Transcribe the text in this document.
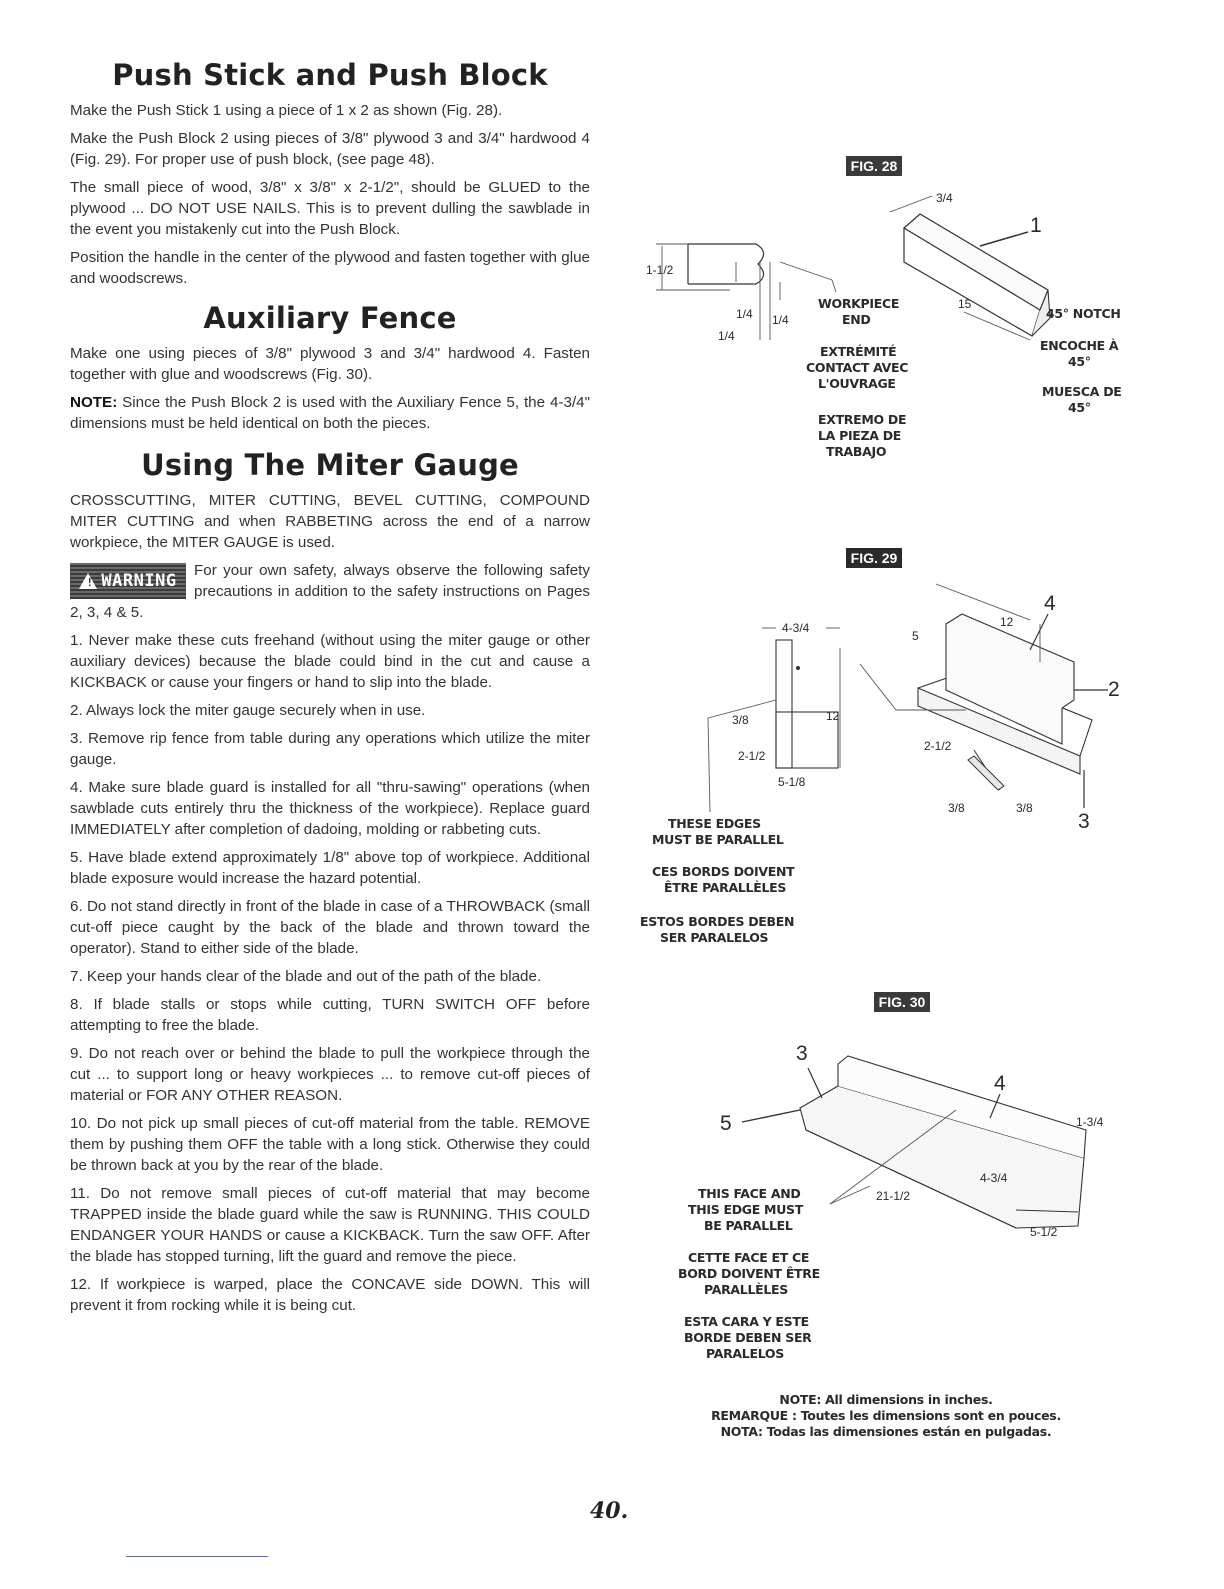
Push Stick and Push Block

Make the Push Stick 1 using a piece of 1 x 2 as shown (Fig. 28).

Make the Push Block 2 using pieces of 3/8" plywood 3 and 3/4" hardwood 4 (Fig. 29). For proper use of push block, (see page 48).

The small piece of wood, 3/8" x 3/8" x 2-1/2", should be GLUED to the plywood ... DO NOT USE NAILS. This is to prevent dulling the sawblade in the event you mistakenly cut into the Push Block.

Position the handle in the center of the plywood and fasten together with glue and woodscrews.

Auxiliary Fence

Make one using pieces of 3/8" plywood 3 and 3/4" hardwood 4. Fasten together with glue and woodscrews (Fig. 30).

NOTE: Since the Push Block 2 is used with the Auxiliary Fence 5, the 4-3/4" dimensions must be held identical on both the pieces.

Using The Miter Gauge

CROSSCUTTING, MITER CUTTING, BEVEL CUTTING, COMPOUND MITER CUTTING and when RABBETING across the end of a narrow workpiece, the MITER GAUGE is used.

! WARNING

For your own safety, always observe the following safety precautions in addition to the safety instructions on Pages 2, 3, 4 & 5.

1. Never make these cuts freehand (without using the miter gauge or other auxiliary devices) because the blade could bind in the cut and cause a KICKBACK or cause your fingers or hand to slip into the blade.
2. Always lock the miter gauge securely when in use.
3. Remove rip fence from table during any operations which utilize the miter gauge.
4. Make sure blade guard is installed for all "thru-sawing" operations (when sawblade cuts entirely thru the thickness of the workpiece). Replace guard IMMEDIATELY after completion of dadoing, molding or rabbeting cuts.
5. Have blade extend approximately 1/8" above top of workpiece. Additional blade exposure would increase the hazard potential.
6. Do not stand directly in front of the blade in case of a THROWBACK (small cut-off piece caught by the back of the blade and thrown toward the operator). Stand to either side of the blade.
7. Keep your hands clear of the blade and out of the path of the blade.
8. If blade stalls or stops while cutting, TURN SWITCH OFF before attempting to free the blade.
9. Do not reach over or behind the blade to pull the workpiece through the cut ... to support long or heavy workpieces ... to remove cut-off pieces of material or FOR ANY OTHER REASON.
10. Do not pick up small pieces of cut-off material from the table. REMOVE them by pushing them OFF the table with a long stick. Otherwise they could be thrown back at you by the rear of the blade.
11. Do not remove small pieces of cut-off material that may become TRAPPED inside the blade guard while the saw is RUNNING. THIS COULD ENDANGER YOUR HANDS or cause a KICKBACK. Turn the saw OFF. After the blade has stopped turning, lift the guard and remove the piece.
12. If workpiece is warped, place the CONCAVE side DOWN. This will prevent it from rocking while it is being cut.
FIG. 28
1-1/2
1/4 1/4
1/4
3/4
15
1
WORKPIECE
END
EXTRÉMITÉ
CONTACT AVEC
L'OUVRAGE
EXTREMO DE
LA PIEZA DE
TRABAJO
45° NOTCH
ENCOCHE À
45°
MUESCA DE
45°
FIG. 29
4-3/4
12
3/8
2-1/2
5-1/8
12
5
2-1/2
3/8	3/8
4
2
3
THESE EDGES
MUST BE PARALLEL
CES BORDS DOIVENT
ÊTRE PARALLÈLES
ESTOS BORDES DEBEN
SER PARALELOS
FIG. 30
3
4
5	1-3/4
4-3/4
21-1/2
5-1/2
THIS FACE AND
THIS EDGE MUST
BE PARALLEL
CETTE FACE ET CE
BORD DOIVENT ÊTRE
PARALLÈLES
ESTA CARA Y ESTE
BORDE DEBEN SER
PARALELOS
NOTE: All dimensions in inches.
REMARQUE : Toutes les dimensions sont en pouces.
NOTA: Todas las dimensiones están en pulgadas.
40.
